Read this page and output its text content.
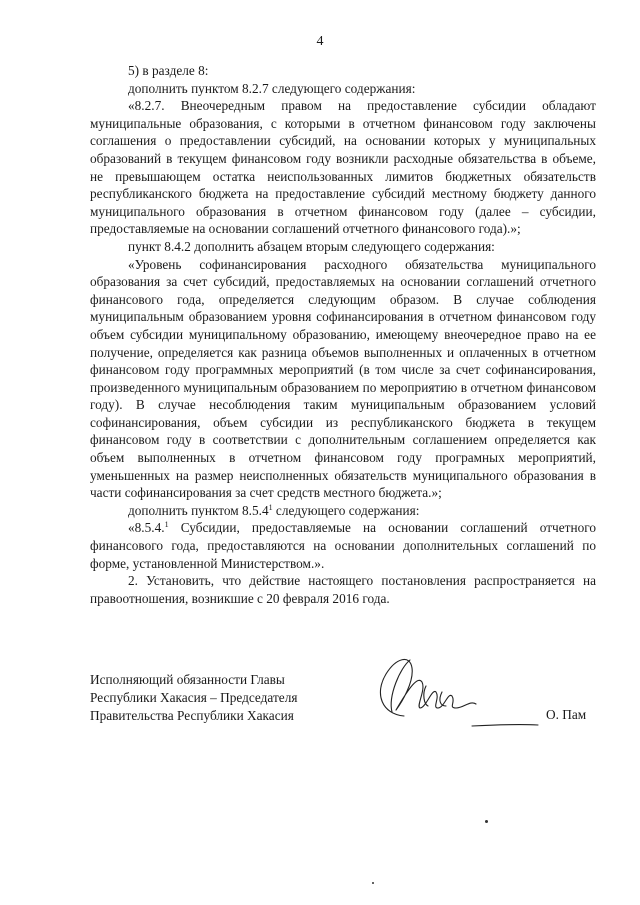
4

5) в разделе 8:

дополнить пунктом 8.2.7 следующего содержания:

«8.2.7. Внеочередным правом на предоставление субсидии обладают муниципальные образования, с которыми в отчетном финансовом году заключены соглашения о предоставлении субсидий, на основании которых у муниципальных образований в текущем финансовом году возникли расходные обязательства в объеме, не превышающем остатка неиспользованных лимитов бюджетных обязательств республиканского бюджета на предоставление субсидий местному бюджету данного муниципального образования в отчетном финансовом году (далее – субсидии, предоставляемые на основании соглашений отчетного финансового года).»;

пункт 8.4.2 дополнить абзацем вторым следующего содержания:

«Уровень софинансирования расходного обязательства муниципального образования за счет субсидий, предоставляемых на основании соглашений отчетного финансового года, определяется следующим образом. В случае соблюдения муниципальным образованием уровня софинансирования в отчетном финансовом году объем субсидии муниципальному образованию, имеющему внеочередное право на ее получение, определяется как разница объемов выполненных и оплаченных в отчетном финансовом году программных мероприятий (в том числе за счет софинансирования, произведенного муниципальным образованием по мероприятию в отчетном финансовом году). В случае несоблюдения таким муниципальным образованием условий софинансирования, объем субсидии из республиканского бюджета в текущем финансовом году в соответствии с дополнительным соглашением определяется как объем выполненных в отчетном финансовом году програмных мероприятий, уменьшенных на размер неисполненных обязательств муниципального образования в части софинансирования за счет средств местного бюджета.»;

дополнить пунктом 8.5.4$^1$ следующего содержания:

«8.5.4.$^1$ Субсидии, предоставляемые на основании соглашений отчетного финансового года, предоставляются на основании дополнительных соглашений по форме, установленной Министерством.».

2. Установить, что действие настоящего постановления распространяется на правоотношения, возникшие с 20 февраля 2016 года.

Исполняющий обязанности Главы
Республики Хакасия – Председателя
Правительства Республики Хакасия	О. Пам
